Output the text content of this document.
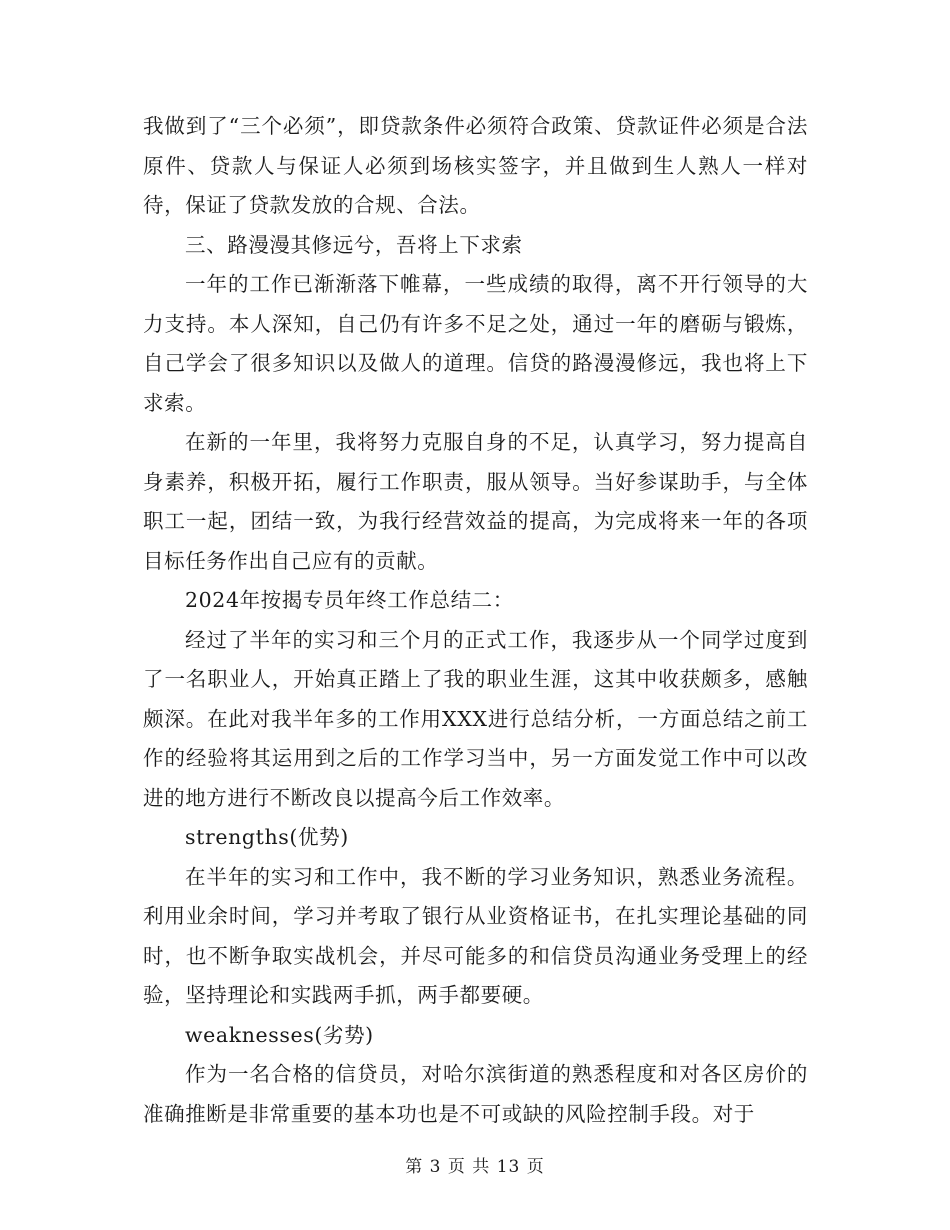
我做到了“三个必须”，即贷款条件必须符合政策、贷款证件必须是合法原件、贷款人与保证人必须到场核实签字，并且做到生人熟人一样对待，保证了贷款发放的合规、合法。

三、路漫漫其修远兮，吾将上下求索

一年的工作已渐渐落下帷幕，一些成绩的取得，离不开行领导的大力支持。本人深知，自己仍有许多不足之处，通过一年的磨砺与锻炼，自己学会了很多知识以及做人的道理。信贷的路漫漫修远，我也将上下求索。

在新的一年里，我将努力克服自身的不足，认真学习，努力提高自身素养，积极开拓，履行工作职责，服从领导。当好参谋助手，与全体职工一起，团结一致，为我行经营效益的提高，为完成将来一年的各项目标任务作出自己应有的贡献。

2024年按揭专员年终工作总结二：

经过了半年的实习和三个月的正式工作，我逐步从一个同学过度到了一名职业人，开始真正踏上了我的职业生涯，这其中收获颇多，感触颇深。在此对我半年多的工作用XXX进行总结分析，一方面总结之前工作的经验将其运用到之后的工作学习当中，另一方面发觉工作中可以改进的地方进行不断改良以提高今后工作效率。

strengths(优势)

在半年的实习和工作中，我不断的学习业务知识，熟悉业务流程。利用业余时间，学习并考取了银行从业资格证书，在扎实理论基础的同时，也不断争取实战机会，并尽可能多的和信贷员沟通业务受理上的经验，坚持理论和实践两手抓，两手都要硬。

weaknesses(劣势)

作为一名合格的信贷员，对哈尔滨街道的熟悉程度和对各区房价的准确推断是非常重要的基本功也是不可或缺的风险控制手段。对于

第 3 页 共 13 页
